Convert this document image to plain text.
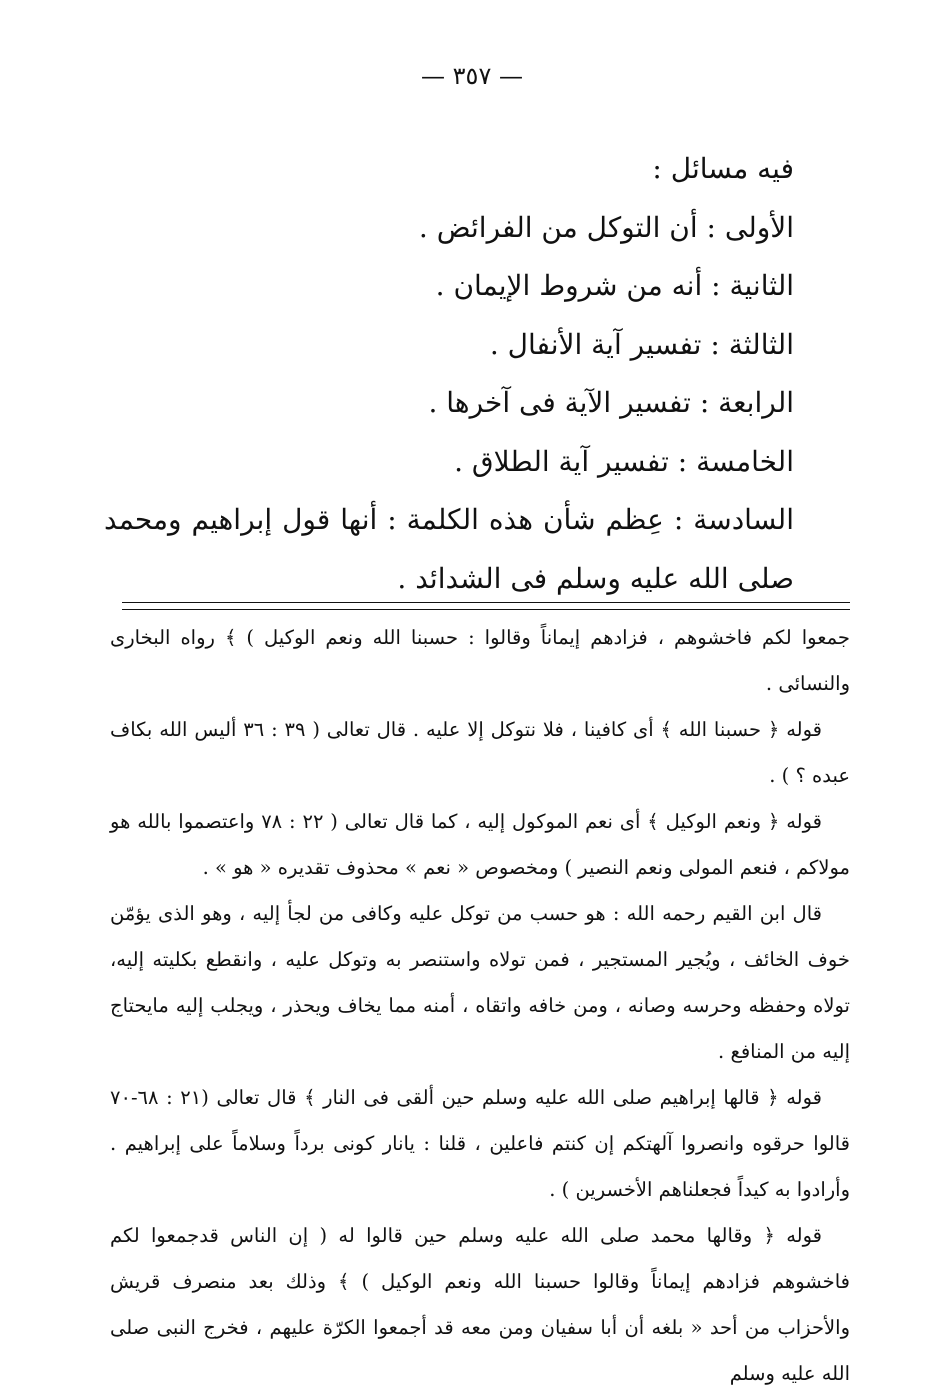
— ٣٥٧ —
فيه مسائل :
الأولى : أن التوكل من الفرائض .
الثانية : أنه من شروط الإيمان .
الثالثة : تفسير آية الأنفال .
الرابعة : تفسير الآية فى آخرها .
الخامسة : تفسير آية الطلاق .
السادسة : عِظم شأن هذه الكلمة : أنها قول إبراهيم ومحمد صلى الله عليه وسلم فى الشدائد .

جمعوا لكم فاخشوهم ، فزادهم إيماناً وقالوا : حسبنا الله ونعم الوكيل ) ﴾ رواه البخارى والنسائى .

قوله ﴿ حسبنا الله ﴾ أى كافينا ، فلا نتوكل إلا عليه . قال تعالى ( ٣٩ : ٣٦ أليس الله بكاف عبده ؟ ) .

قوله ﴿ ونعم الوكيل ﴾ أى نعم الموكول إليه ، كما قال تعالى ( ٢٢ : ٧٨ واعتصموا بالله هو مولاكم ، فنعم المولى ونعم النصير ) ومخصوص « نعم » محذوف تقديره « هو » .

قال ابن القيم رحمه الله : هو حسب من توكل عليه وكافى من لجأ إليه ، وهو الذى يؤمّن خوف الخائف ، ويُجير المستجير ، فمن تولاه واستنصر به وتوكل عليه ، وانقطع بكليته إليه، تولاه وحفظه وحرسه وصانه ، ومن خافه واتقاه ، أمنه مما يخاف ويحذر ، ويجلب إليه مايحتاج إليه من المنافع .

قوله ﴿ قالها إبراهيم صلى الله عليه وسلم حين ألقى فى النار ﴾ قال تعالى (٢١ : ٦٨-٧٠ قالوا حرقوه وانصروا آلهتكم إن كنتم فاعلين ، قلنا : يانار كونى برداً وسلاماً على إبراهيم . وأرادوا به كيداً فجعلناهم الأخسرين ) .

قوله ﴿ وقالها محمد صلى الله عليه وسلم حين قالوا له ( إن الناس قدجمعوا لكم فاخشوهم فزادهم إيماناً وقالوا حسبنا الله ونعم الوكيل ) ﴾ وذلك بعد منصرف قريش والأحزاب من أحد « بلغه أن أبا سفيان ومن معه قد أجمعوا الكرّة عليهم ، فخرج النبى صلى الله عليه وسلم
